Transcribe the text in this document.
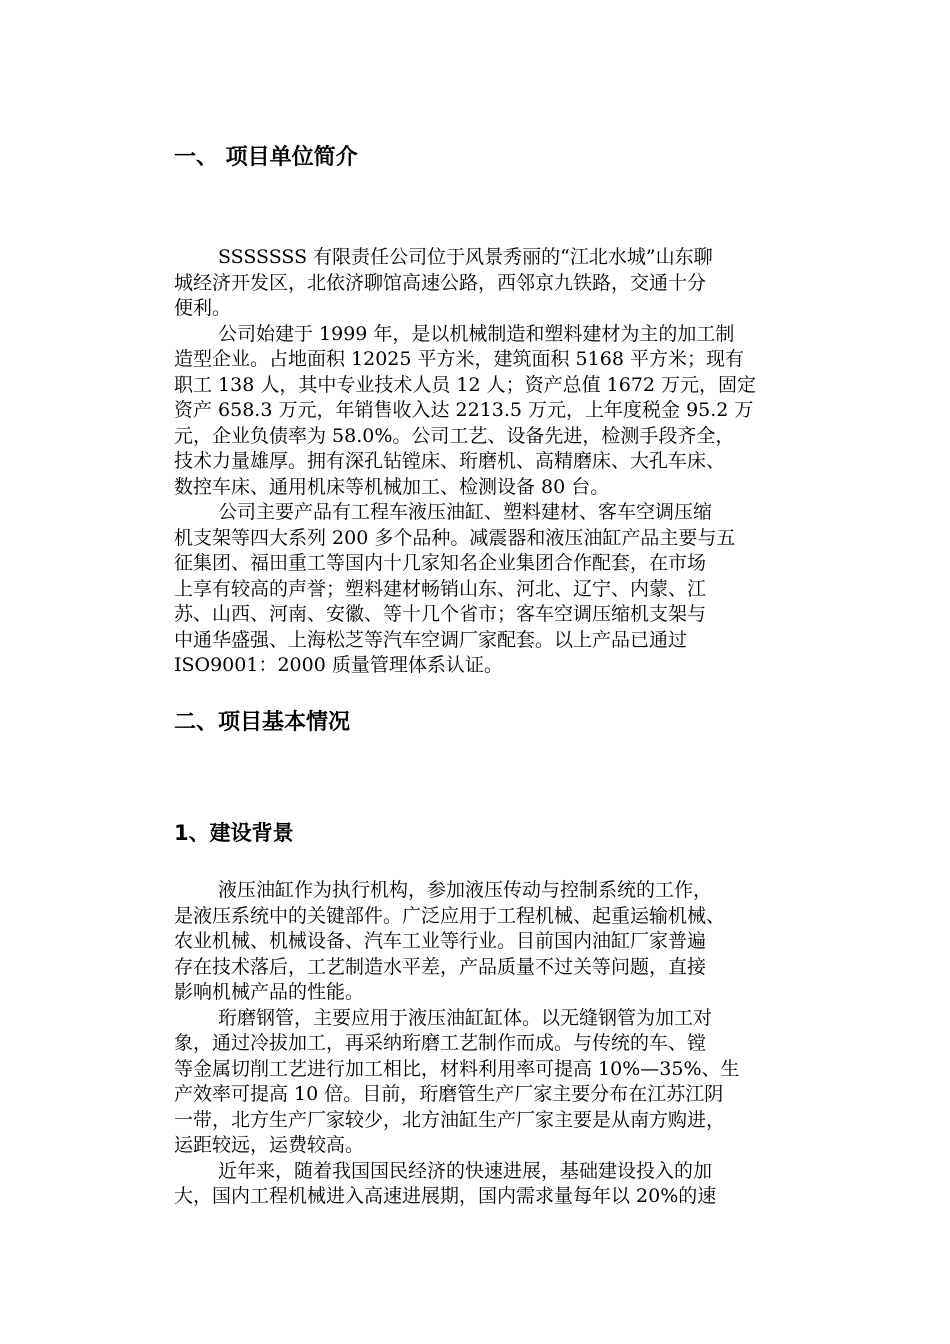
一、 项目单位简介
SSSSSSS 有限责任公司位于风景秀丽的“江北水城”山东聊
城经济开发区，北依济聊馆高速公路，西邻京九铁路，交通十分
便利。
公司始建于 1999 年，是以机械制造和塑料建材为主的加工制
造型企业。占地面积 12025 平方米，建筑面积 5168 平方米；现有
职工 138 人，其中专业技术人员 12 人；资产总值 1672 万元，固定
资产 658.3 万元，年销售收入达 2213.5 万元，上年度税金 95.2 万
元，企业负债率为 58.0%。公司工艺、设备先进，检测手段齐全，
技术力量雄厚。拥有深孔钻镗床、珩磨机、高精磨床、大孔车床、
数控车床、通用机床等机械加工、检测设备 80 台。
公司主要产品有工程车液压油缸、塑料建材、客车空调压缩
机支架等四大系列 200 多个品种。减震器和液压油缸产品主要与五
征集团、福田重工等国内十几家知名企业集团合作配套，在市场
上享有较高的声誉；塑料建材畅销山东、河北、辽宁、内蒙、江
苏、山西、河南、安徽、等十几个省市；客车空调压缩机支架与
中通华盛强、上海松芝等汽车空调厂家配套。以上产品已通过
ISO9001：2000 质量管理体系认证。
二、项目基本情况
1、建设背景
液压油缸作为执行机构，参加液压传动与控制系统的工作，
是液压系统中的关键部件。广泛应用于工程机械、起重运输机械、
农业机械、机械设备、汽车工业等行业。目前国内油缸厂家普遍
存在技术落后，工艺制造水平差，产品质量不过关等问题，直接
影响机械产品的性能。
珩磨钢管，主要应用于液压油缸缸体。以无缝钢管为加工对
象，通过冷拔加工，再采纳珩磨工艺制作而成。与传统的车、镗
等金属切削工艺进行加工相比，材料利用率可提高 10%—35%、生
产效率可提高 10 倍。目前，珩磨管生产厂家主要分布在江苏江阴
一带，北方生产厂家较少，北方油缸生产厂家主要是从南方购进，
运距较远，运费较高。
近年来，随着我国国民经济的快速进展，基础建设投入的加
大，国内工程机械进入高速进展期，国内需求量每年以 20%的速
